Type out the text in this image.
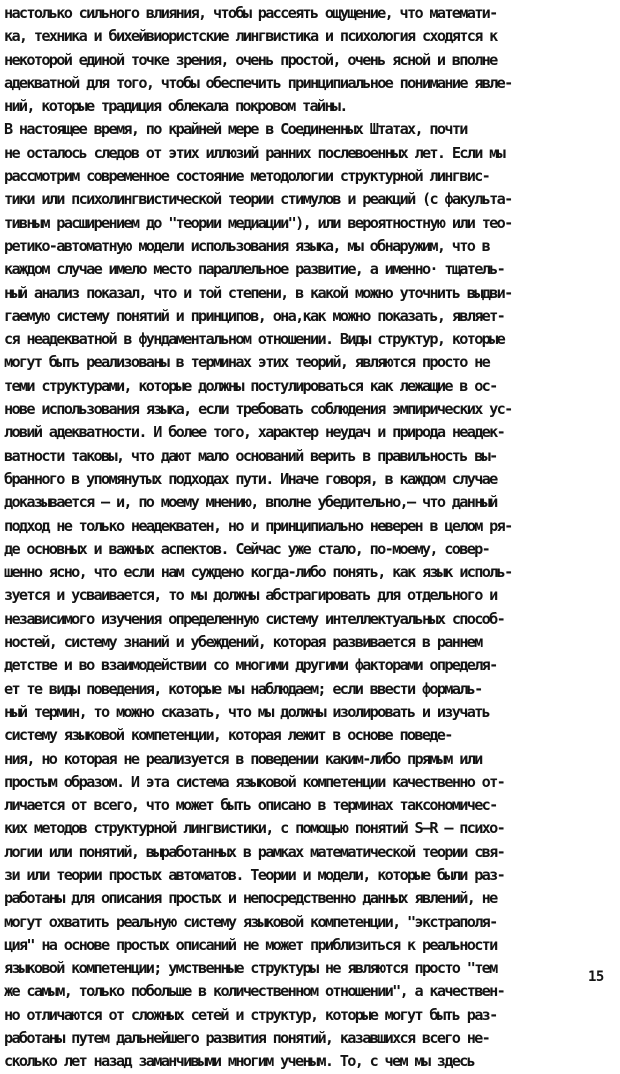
настолько сильного влияния, чтобы рассеять ощущение, что математи-
ка, техника и бихейвиористские лингвистика и психология сходятся к
некоторой единой точке зрения, очень простой, очень ясной и вполне
адекватной для того, чтобы обеспечить принципиальное понимание явле-
ний, которые традиция облекала покровом тайны.
В настоящее время, по крайней мере в Соединенных Штатах, почти
не осталось следов от этих иллюзий ранних послевоенных лет. Если мы
рассмотрим современное состояние методологии структурной лингвис-
тики или психолингвистической теории стимулов и реакций (с факульта-
тивным расширением до "теории медиации"), или вероятностную или тео-
ретико-автоматную модели использования языка, мы обнаружим, что в
каждом случае имело место параллельное развитие, а именно· тщатель-
ный анализ показал, что и той степени, в какой можно уточнить выдви-
гаемую систему понятий и принципов, она,как можно показать, являет-
ся неадекватной в фундаментальном отношении. Виды структур, которые
могут быть реализованы в терминах этих теорий, являются просто не
теми структурами, которые должны постулироваться как лежащие в ос-
нове использования языка, если требовать соблюдения эмпирических ус-
ловий адекватности. И более того, характер неудач и природа неадек-
ватности таковы, что дают мало оснований верить в правильность вы-
бранного в упомянутых подходах пути. Иначе говоря, в каждом случае
доказывается – и, по моему мнению, вполне убедительно,– что данный
подход не только неадекватен, но и принципиально неверен в целом ря-
де основных и важных аспектов. Сейчас уже стало, по-моему, совер-
шенно ясно, что если нам суждено когда-либо понять, как язык исполь-
зуется и усваивается, то мы должны абстрагировать для отдельного и
независимого изучения определенную систему интеллектуальных способ-
ностей, систему знаний и убеждений, которая развивается в раннем
детстве и во взаимодействии со многими другими факторами определя-
ет те виды поведения, которые мы наблюдаем; если ввести формаль-
ный термин, то можно сказать, что мы должны изолировать и изучать
систему языковой компетенции, которая лежит в основе поведе-
ния, но которая не реализуется в поведении каким-либо прямым или
простым образом. И эта система языковой компетенции качественно от-
личается от всего, что может быть описано в терминах таксономичес-
ких методов структурной лингвистики, с помощью понятий S–R – психо-
логии или понятий, выработанных в рамках математической теории свя-
зи или теории простых автоматов. Теории и модели, которые были раз-
работаны для описания простых и непосредственно данных явлений, не
могут охватить реальную систему языковой компетенции, "экстраполя-
ция" на основе простых описаний не может приблизиться к реальности
языковой компетенции; умственные структуры не являются просто "тем
же самым, только побольше в количественном отношении", а качествен-
но отличаются от сложных сетей и структур, которые могут быть раз-
работаны путем дальнейшего развития понятий, казавшихся всего не-
сколько лет назад заманчивыми многим ученым. То, с чем мы здесь
15
